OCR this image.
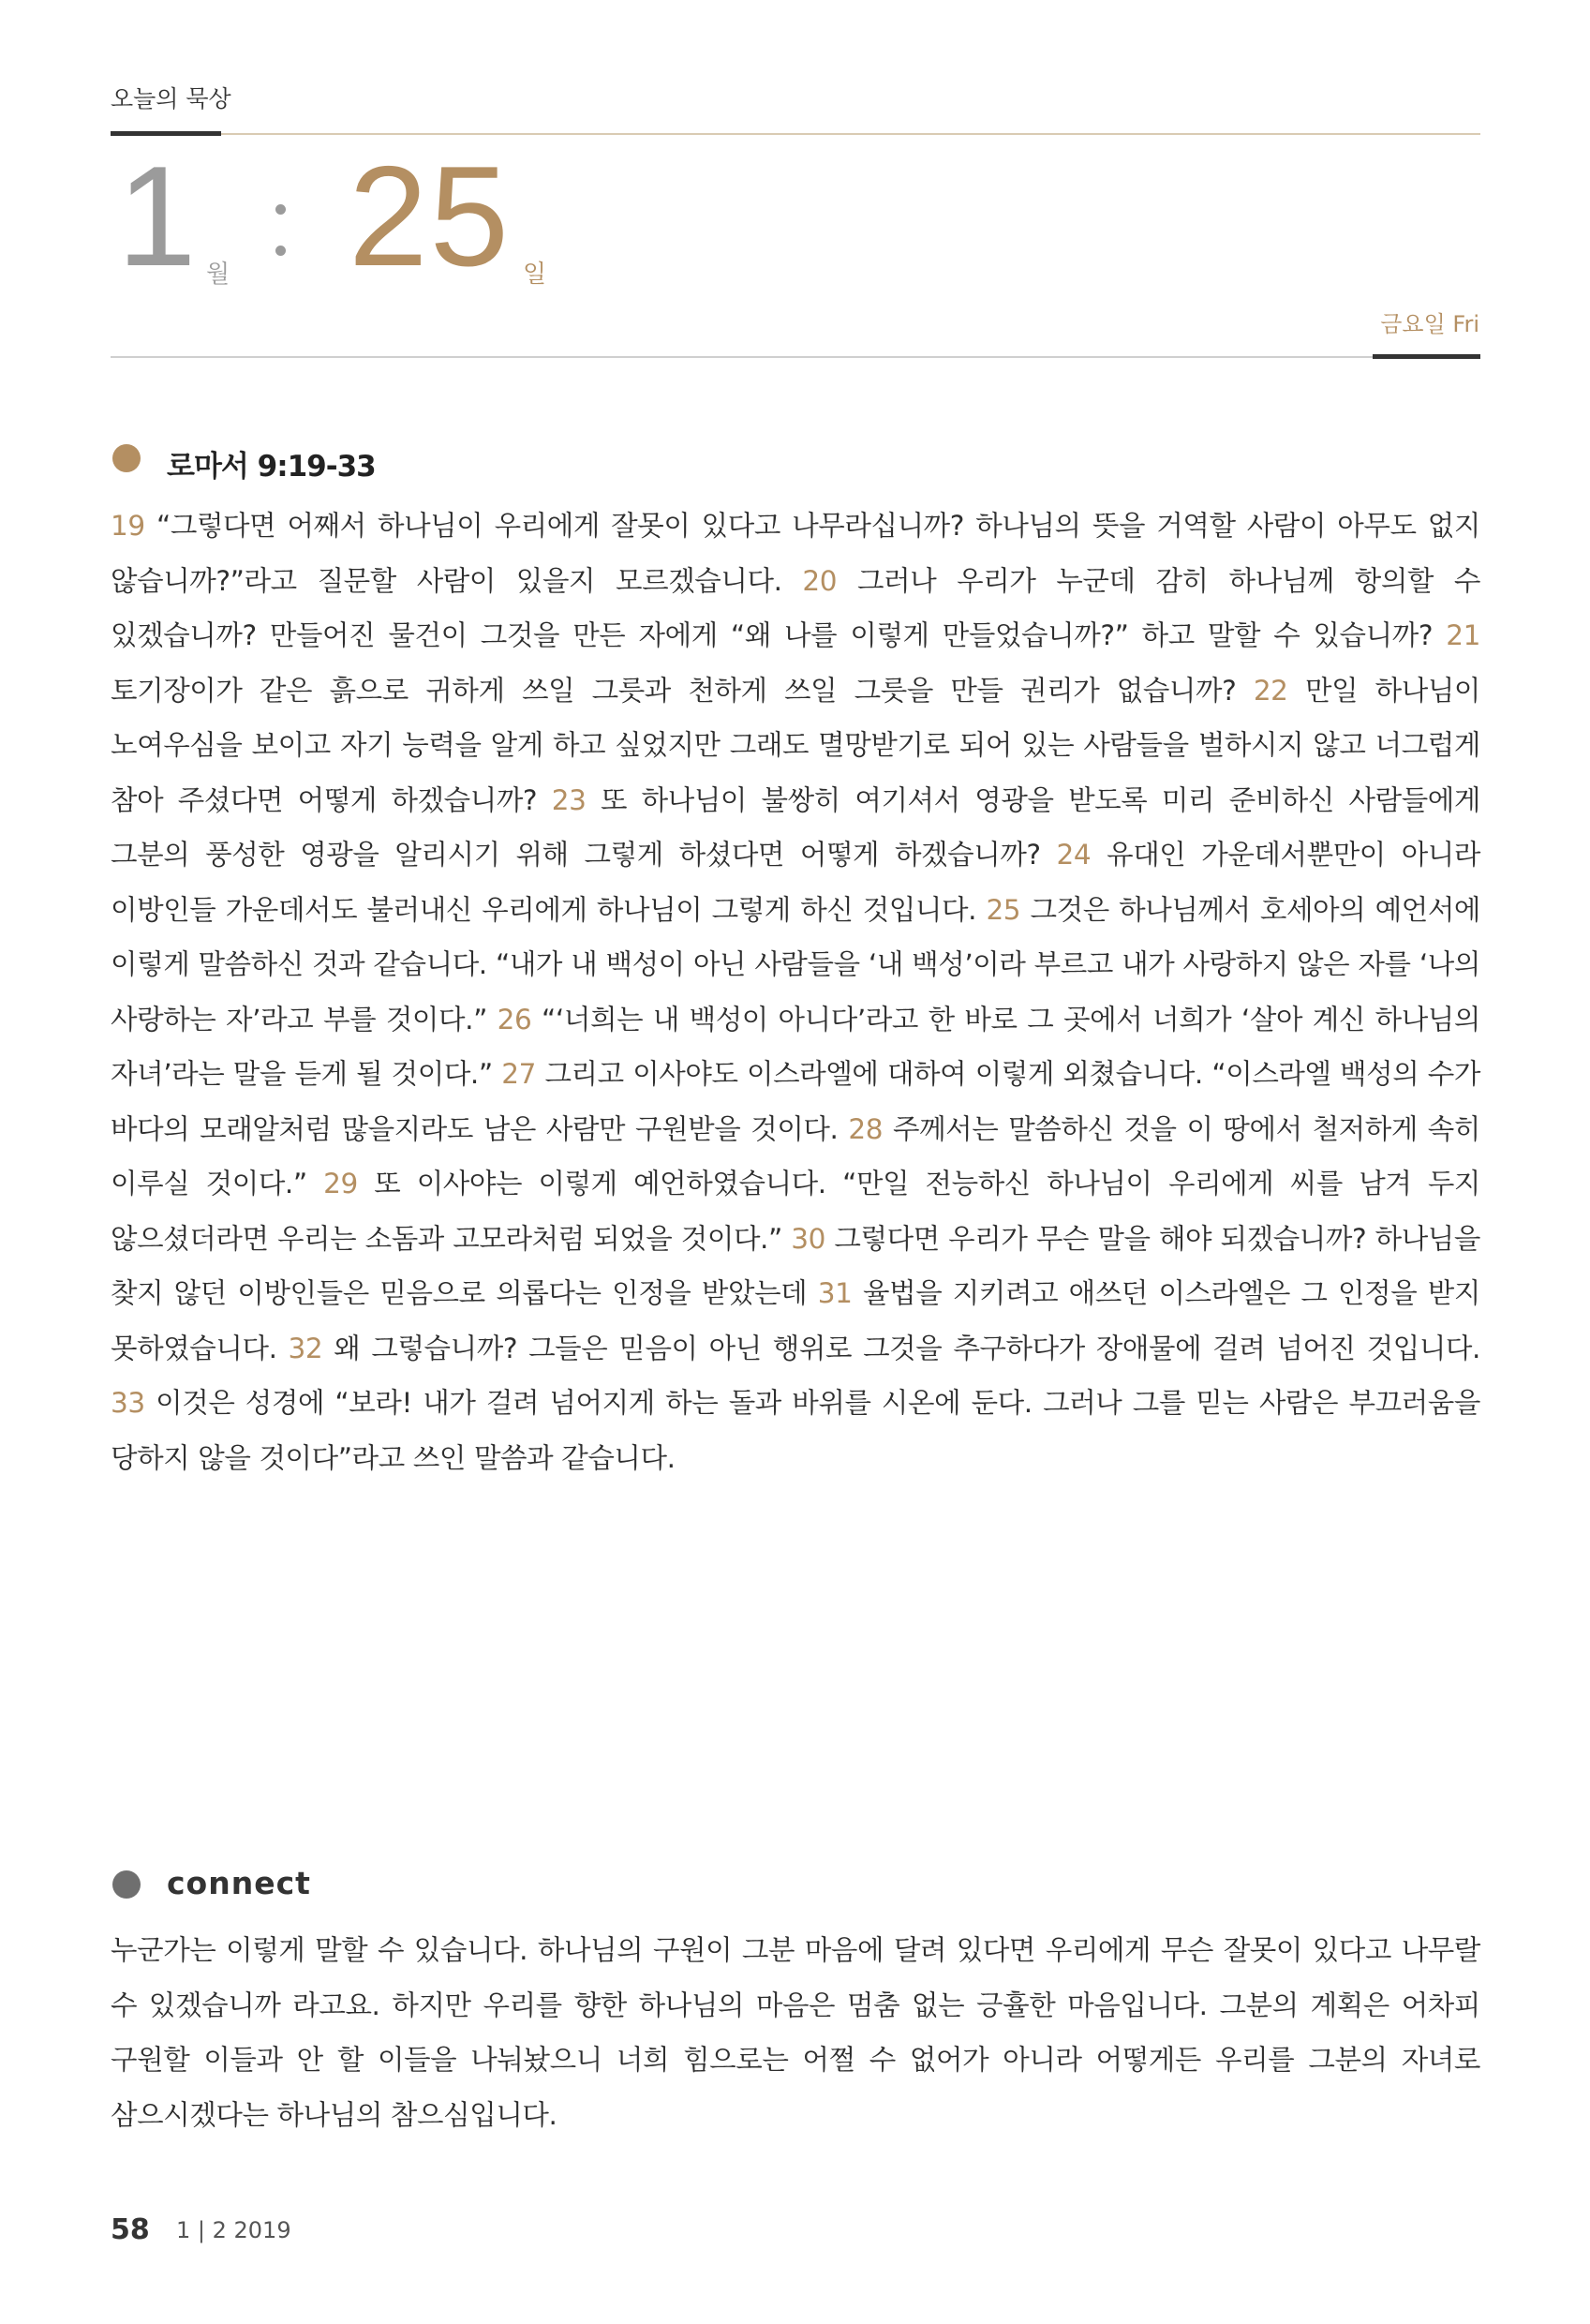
오늘의 묵상
1 월 25 일
금요일 Fri
로마서 9:19-33
19 “그렇다면 어째서 하나님이 우리에게 잘못이 있다고 나무라십니까? 하나님의 뜻을 거역할 사람이 아무도 없지 않습니까?”라고 질문할 사람이 있을지 모르겠습니다. 20 그러나 우리가 누군데 감히 하나님께 항의할 수 있겠습니까? 만들어진 물건이 그것을 만든 자에게 “왜 나를 이렇게 만들었습니까?” 하고 말할 수 있습니까? 21 토기장이가 같은 흙으로 귀하게 쓰일 그릇과 천하게 쓰일 그릇을 만들 권리가 없습니까? 22 만일 하나님이 노여우심을 보이고 자기 능력을 알게 하고 싶었지만 그래도 멸망받기로 되어 있는 사람들을 벌하시지 않고 너그럽게 참아 주셨다면 어떻게 하겠습니까? 23 또 하나님이 불쌍히 여기셔서 영광을 받도록 미리 준비하신 사람들에게 그분의 풍성한 영광을 알리시기 위해 그렇게 하셨다면 어떻게 하겠습니까? 24 유대인 가운데서뿐만이 아니라 이방인들 가운데서도 불러내신 우리에게 하나님이 그렇게 하신 것입니다. 25 그것은 하나님께서 호세아의 예언서에 이렇게 말씀하신 것과 같습니다. “내가 내 백성이 아닌 사람들을 ‘내 백성’이라 부르고 내가 사랑하지 않은 자를 ‘나의 사랑하는 자’라고 부를 것이다.” 26 “‘너희는 내 백성이 아니다’라고 한 바로 그 곳에서 너희가 ‘살아 계신 하나님의 자녀’라는 말을 듣게 될 것이다.” 27 그리고 이사야도 이스라엘에 대하여 이렇게 외쳤습니다. “이스라엘 백성의 수가 바다의 모래알처럼 많을지라도 남은 사람만 구원받을 것이다. 28 주께서는 말씀하신 것을 이 땅에서 철저하게 속히 이루실 것이다.” 29 또 이사야는 이렇게 예언하였습니다. “만일 전능하신 하나님이 우리에게 씨를 남겨 두지 않으셨더라면 우리는 소돔과 고모라처럼 되었을 것이다.” 30 그렇다면 우리가 무슨 말을 해야 되겠습니까? 하나님을 찾지 않던 이방인들은 믿음으로 의롭다는 인정을 받았는데 31 율법을 지키려고 애쓰던 이스라엘은 그 인정을 받지 못하였습니다. 32 왜 그렇습니까? 그들은 믿음이 아닌 행위로 그것을 추구하다가 장애물에 걸려 넘어진 것입니다. 33 이것은 성경에 “보라! 내가 걸려 넘어지게 하는 돌과 바위를 시온에 둔다. 그러나 그를 믿는 사람은 부끄러움을 당하지 않을 것이다”라고 쓰인 말씀과 같습니다.
connect
누군가는 이렇게 말할 수 있습니다. 하나님의 구원이 그분 마음에 달려 있다면 우리에게 무슨 잘못이 있다고 나무랄 수 있겠습니까 라고요. 하지만 우리를 향한 하나님의 마음은 멈춤 없는 긍휼한 마음입니다. 그분의 계획은 어차피 구원할 이들과 안 할 이들을 나눠놨으니 너희 힘으로는 어쩔 수 없어가 아니라 어떻게든 우리를 그분의 자녀로 삼으시겠다는 하나님의 참으심입니다.
58 1 | 2 2019
